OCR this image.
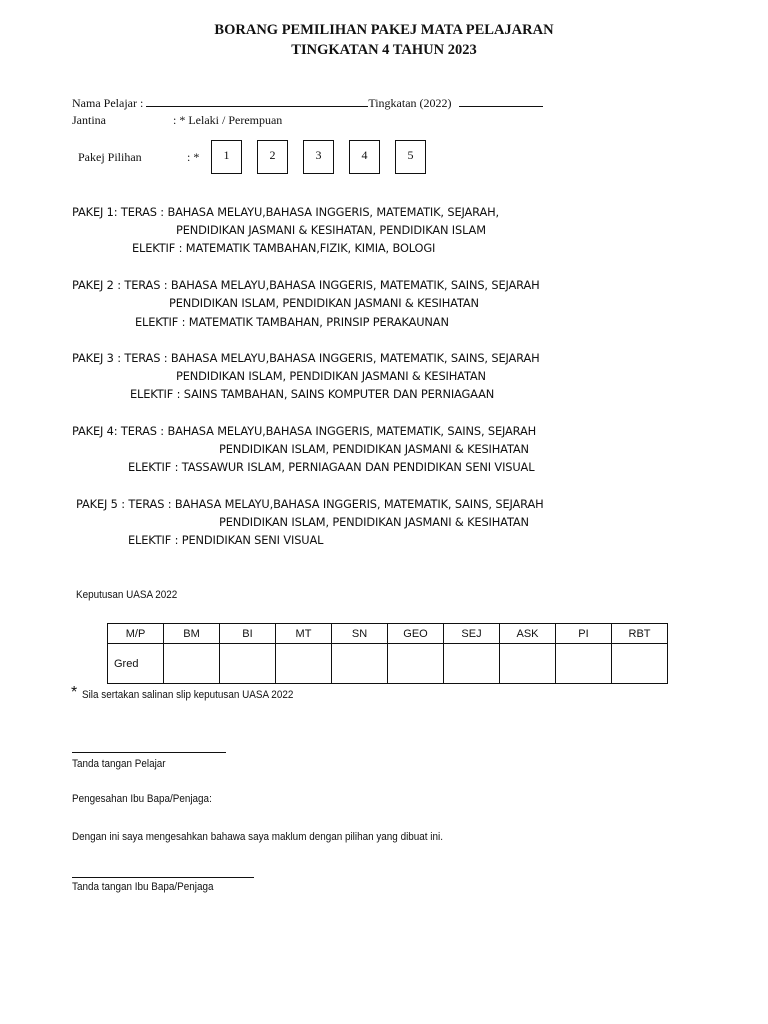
BORANG PEMILIHAN PAKEJ MATA PELAJARAN
TINGKATAN 4 TAHUN 2023
Nama Pelajar :	Tingkatan (2022)
Jantina	: * Lelaki / Perempuan
Pakej Pilihan	: *	1	2	3	4	5
PAKEJ 1: TERAS : BAHASA MELAYU,BAHASA INGGERIS, MATEMATIK, SEJARAH,
PENDIDIKAN JASMANI & KESIHATAN, PENDIDIKAN ISLAM
ELEKTIF : MATEMATIK TAMBAHAN,FIZIK, KIMIA, BOLOGI
PAKEJ 2 : TERAS : BAHASA MELAYU,BAHASA INGGERIS, MATEMATIK, SAINS, SEJARAH
PENDIDIKAN ISLAM, PENDIDIKAN JASMANI & KESIHATAN
ELEKTIF : MATEMATIK TAMBAHAN, PRINSIP PERAKAUNAN
PAKEJ 3 : TERAS : BAHASA MELAYU,BAHASA INGGERIS, MATEMATIK, SAINS, SEJARAH
PENDIDIKAN ISLAM, PENDIDIKAN JASMANI & KESIHATAN
ELEKTIF : SAINS TAMBAHAN, SAINS KOMPUTER DAN PERNIAGAAN
PAKEJ 4: TERAS : BAHASA MELAYU,BAHASA INGGERIS, MATEMATIK, SAINS, SEJARAH
PENDIDIKAN ISLAM, PENDIDIKAN JASMANI & KESIHATAN
ELEKTIF : TASSAWUR ISLAM, PERNIAGAAN DAN PENDIDIKAN SENI VISUAL
PAKEJ 5 : TERAS : BAHASA MELAYU,BAHASA INGGERIS, MATEMATIK, SAINS, SEJARAH
PENDIDIKAN ISLAM, PENDIDIKAN JASMANI & KESIHATAN
ELEKTIF : PENDIDIKAN SENI VISUAL
Keputusan UASA 2022
M/P	BM	BI	MT	SN	GEO	SEJ	ASK	PI	RBT
Gred									
* Sila sertakan salinan slip keputusan UASA 2022
Tanda tangan Pelajar
Pengesahan Ibu Bapa/Penjaga:
Dengan ini saya mengesahkan bahawa saya maklum dengan pilihan yang dibuat ini.
Tanda tangan Ibu Bapa/Penjaga
